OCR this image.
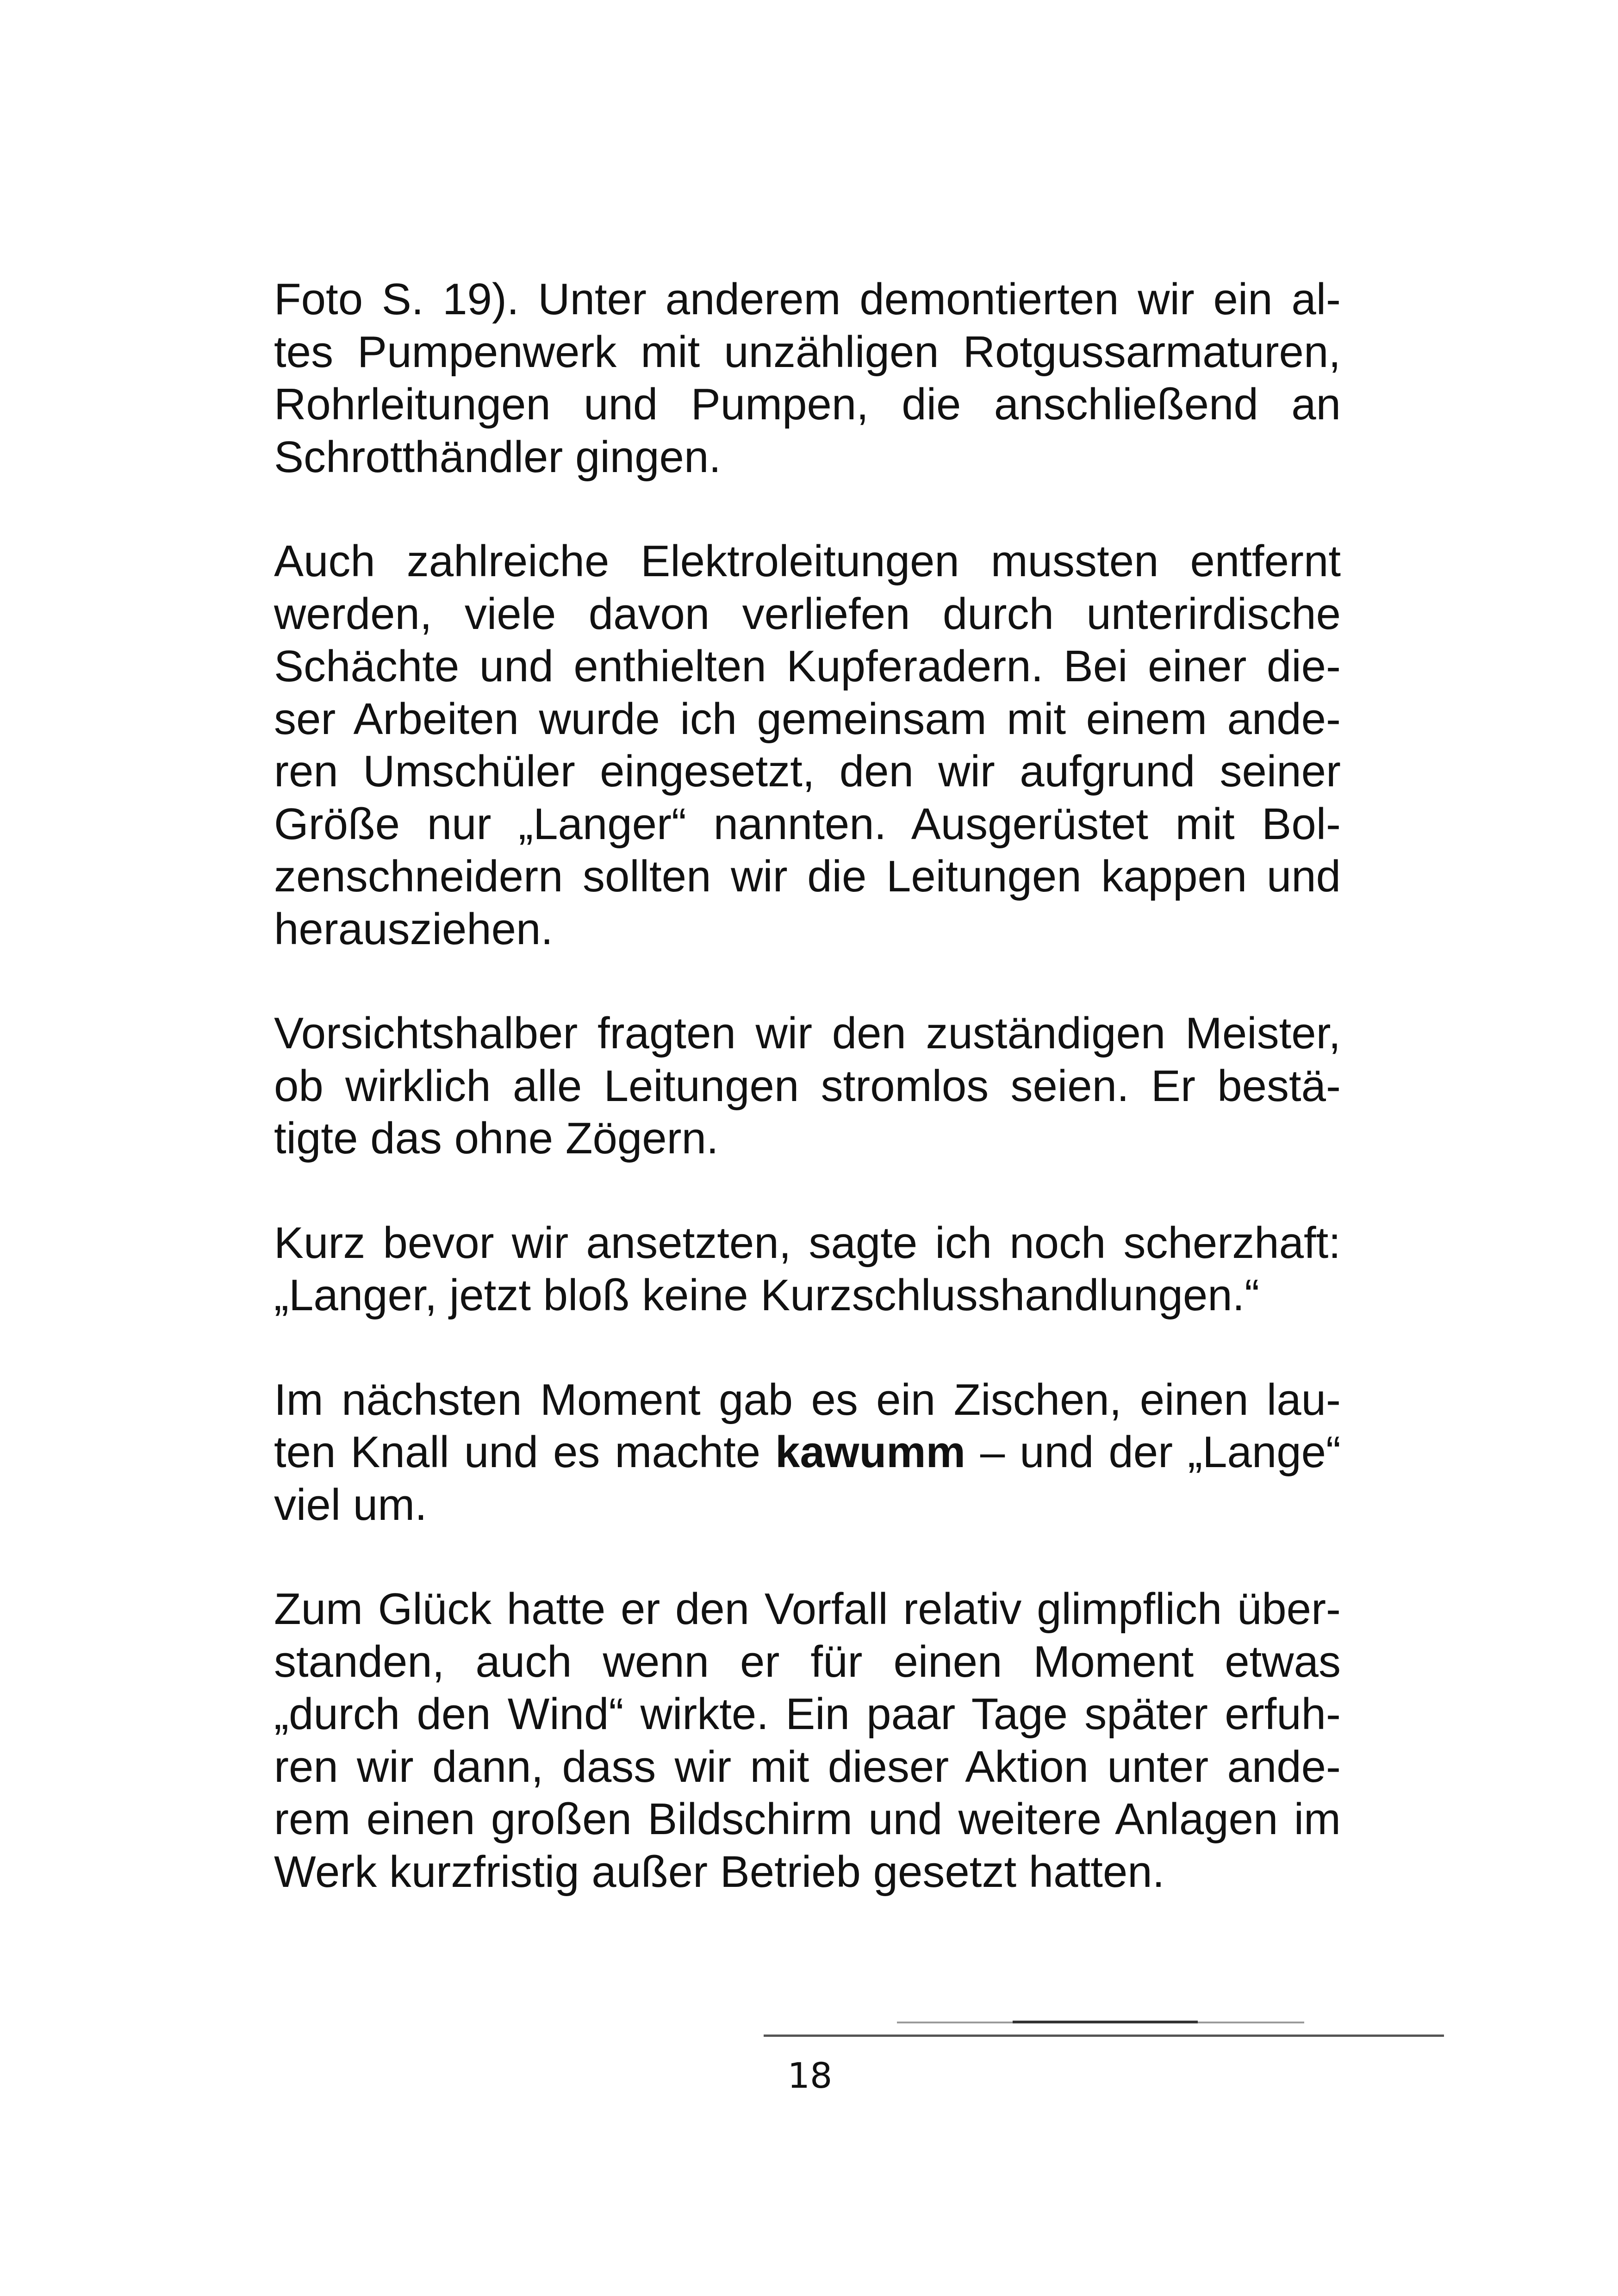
Foto S. 19). Unter anderem demontierten wir ein al-
tes Pumpenwerk mit unzähligen Rotgussarmaturen,
Rohrleitungen und Pumpen, die anschließend an
Schrotthändler gingen.

Auch zahlreiche Elektroleitungen mussten entfernt
werden, viele davon verliefen durch unterirdische
Schächte und enthielten Kupferadern. Bei einer die-
ser Arbeiten wurde ich gemeinsam mit einem ande-
ren Umschüler eingesetzt, den wir aufgrund seiner
Größe nur „Langer“ nannten. Ausgerüstet mit Bol-
zenschneidern sollten wir die Leitungen kappen und
herausziehen.

Vorsichtshalber fragten wir den zuständigen Meister,
ob wirklich alle Leitungen stromlos seien. Er bestä-
tigte das ohne Zögern.

Kurz bevor wir ansetzten, sagte ich noch scherzhaft:
„Langer, jetzt bloß keine Kurzschlusshandlungen.“

Im nächsten Moment gab es ein Zischen, einen lau-
ten Knall und es machte kawumm – und der „Lange“
viel um.

Zum Glück hatte er den Vorfall relativ glimpflich über-
standen, auch wenn er für einen Moment etwas
„durch den Wind“ wirkte. Ein paar Tage später erfuh-
ren wir dann, dass wir mit dieser Aktion unter ande-
rem einen großen Bildschirm und weitere Anlagen im
Werk kurzfristig außer Betrieb gesetzt hatten.

18
